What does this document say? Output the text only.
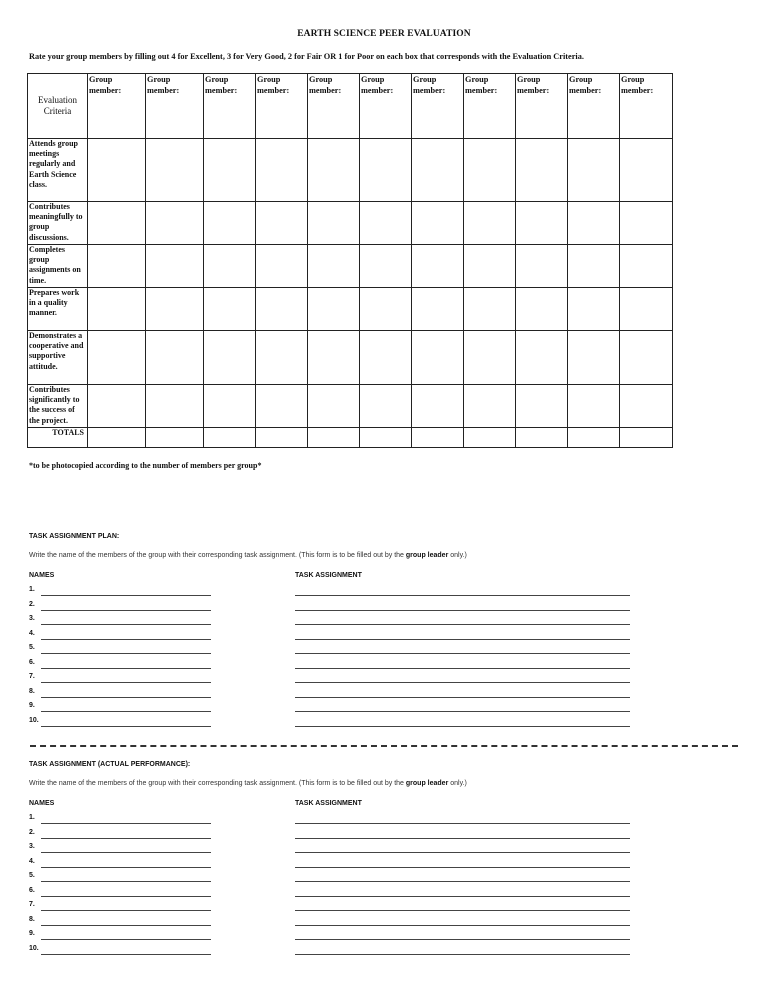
EARTH SCIENCE PEER EVALUATION
Rate your group members by filling out 4 for Excellent, 3 for Very Good, 2 for Fair OR 1 for Poor on each box that corresponds with the Evaluation Criteria.
Evaluation Criteria	Group member:	Group member:	Group member:	Group member:	Group member:	Group member:	Group member:	Group member:	Group member:	Group member:	Group member:
Attends group meetings regularly and Earth Science class.											
Contributes meaningfully to group discussions.											
Completes group assignments on time.											
Prepares work in a quality manner.											
Demonstrates a cooperative and supportive attitude.											
Contributes significantly to the success of the project.											
TOTALS											
*to be photocopied according to the number of members per group*
TASK ASSIGNMENT PLAN:
Write the name of the members of the group with their corresponding task assignment. (This form is to be filled out by the group leader only.)
NAMES	TASK ASSIGNMENT
1.
2.
3.
4.
5.
6.
7.
8.
9.
10.
TASK ASSIGNMENT (ACTUAL PERFORMANCE):
Write the name of the members of the group with their corresponding task assignment. (This form is to be filled out by the group leader only.)
NAMES	TASK ASSIGNMENT
1.
2.
3.
4.
5.
6.
7.
8.
9.
10.
